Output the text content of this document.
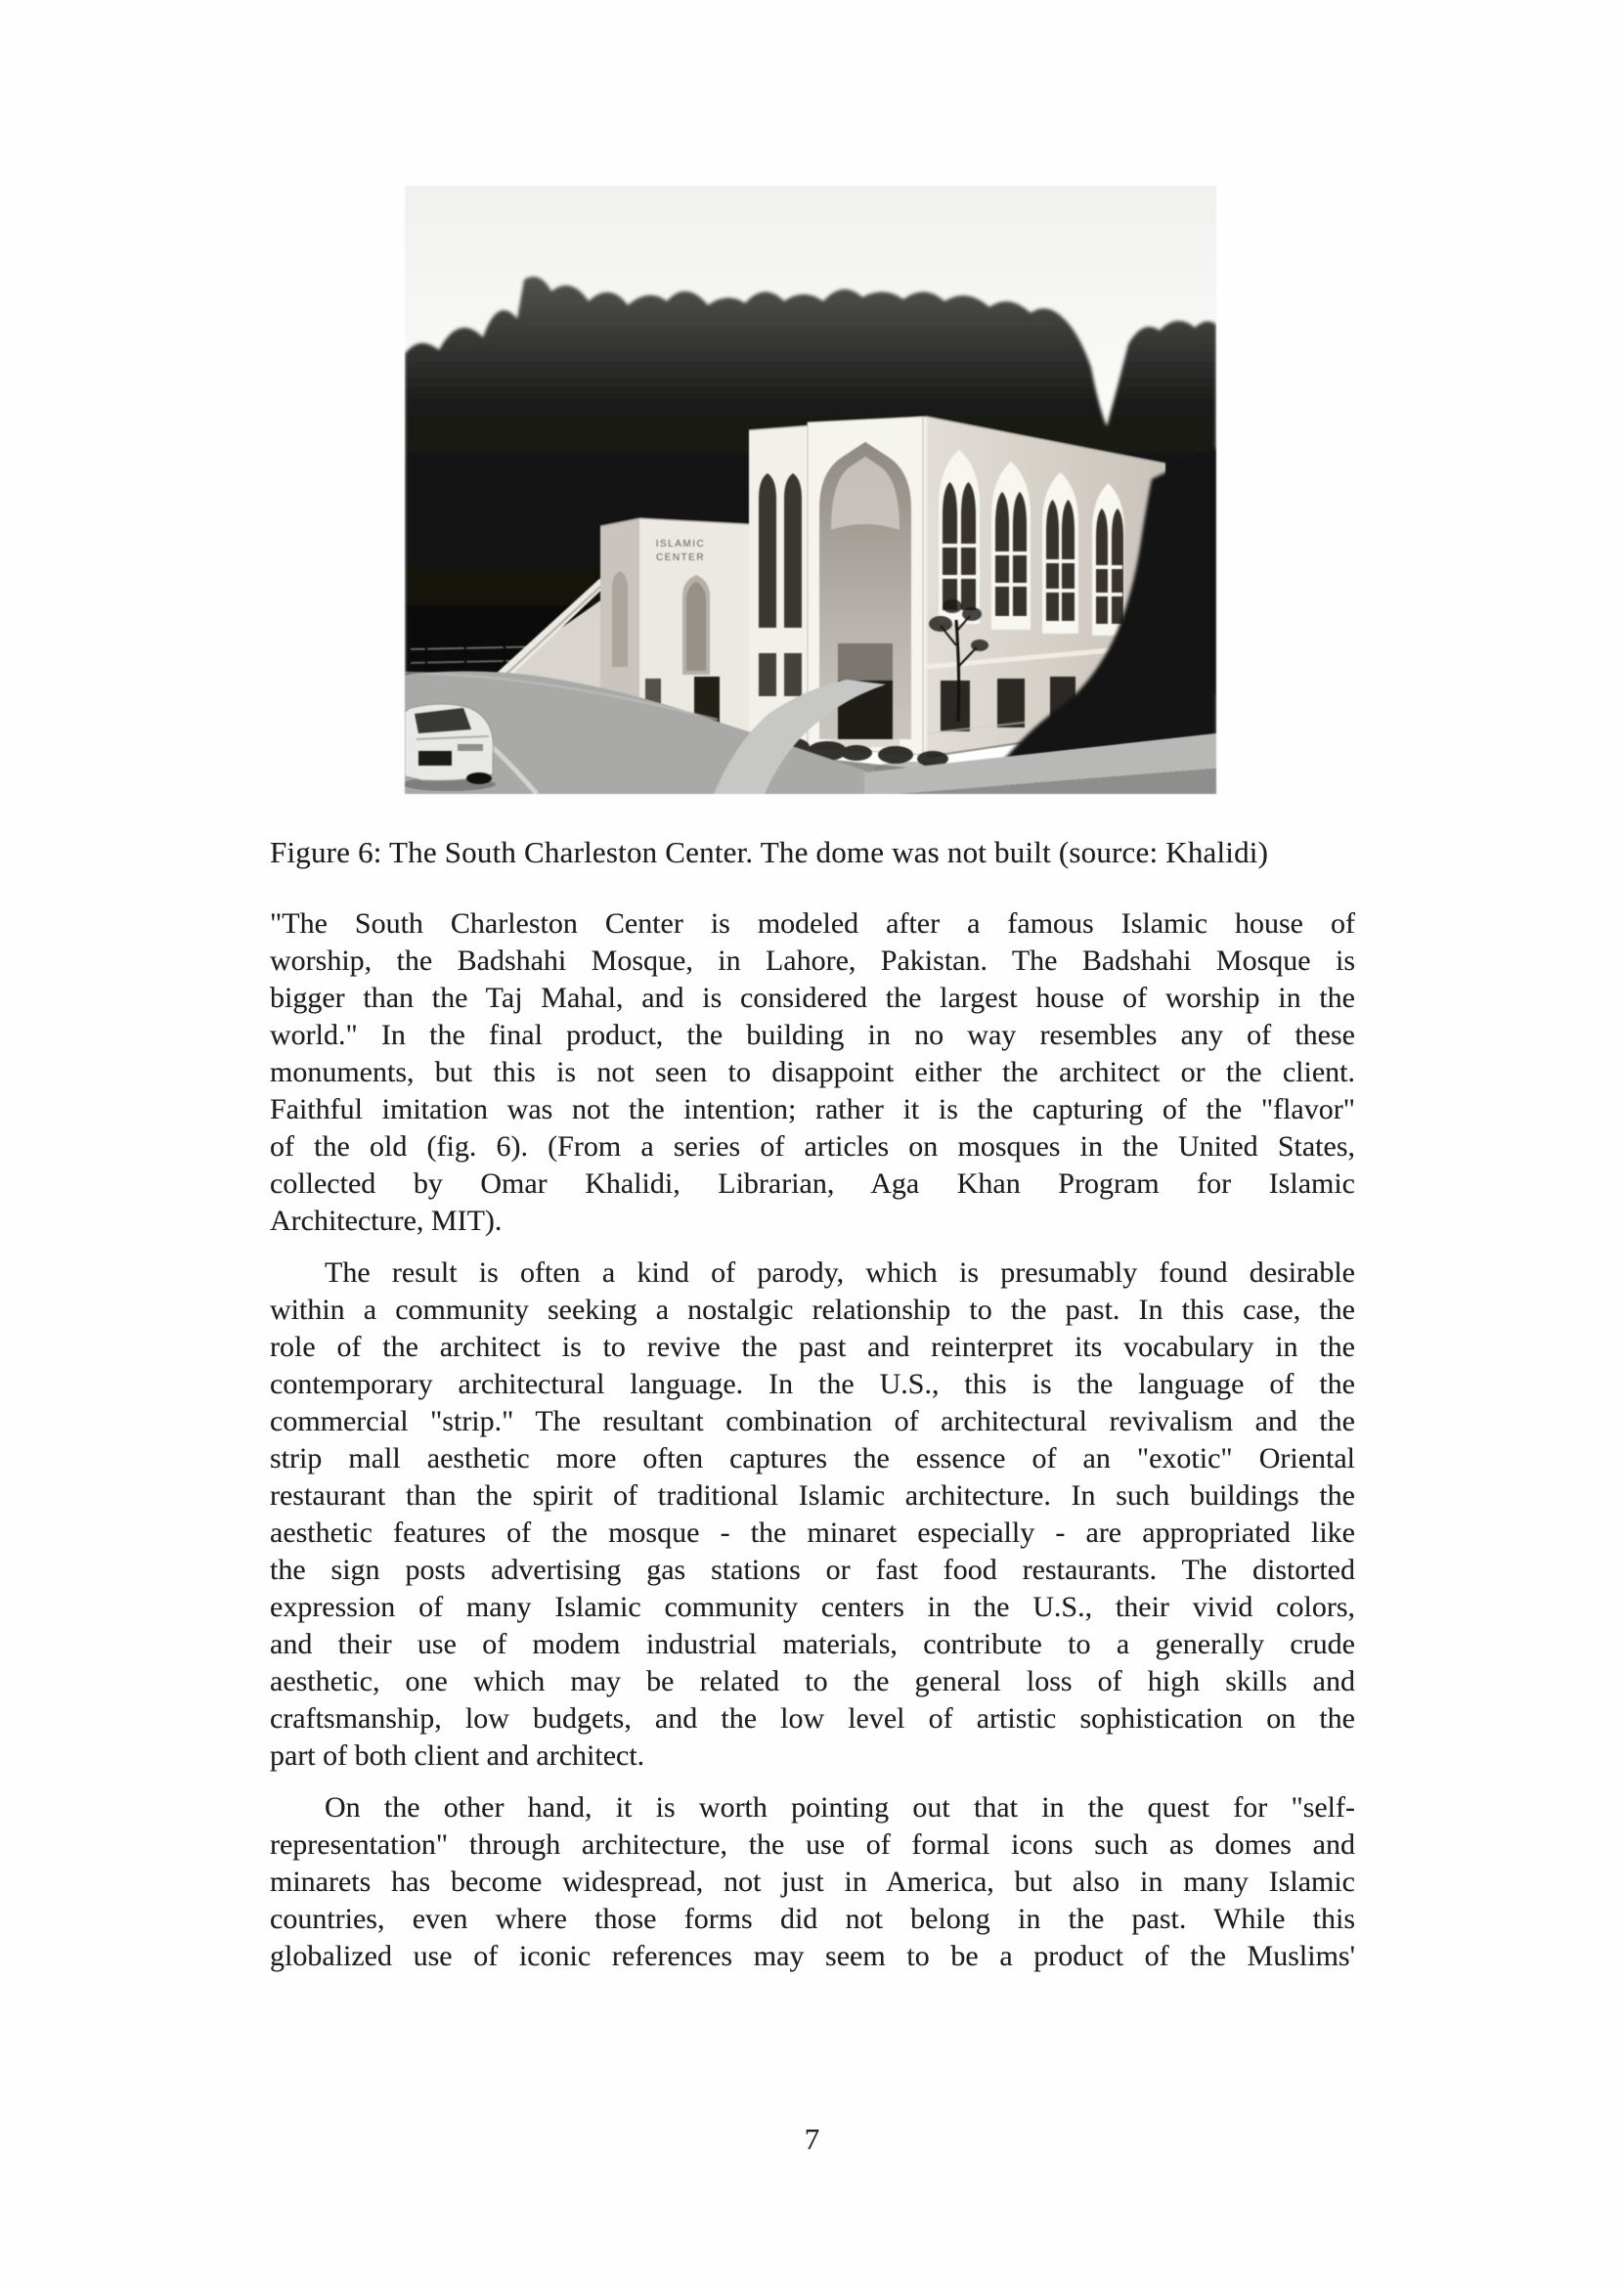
ISLAMIC
CENTER
Figure 6: The South Charleston Center. The dome was not built (source: Khalidi)
"The South Charleston Center is modeled after a famous Islamic house of
worship, the Badshahi Mosque, in Lahore, Pakistan. The Badshahi Mosque is
bigger than the Taj Mahal, and is considered the largest house of worship in the
world." In the final product, the building in no way resembles any of these
monuments, but this is not seen to disappoint either the architect or the client.
Faithful imitation was not the intention; rather it is the capturing of the "flavor"
of the old (fig. 6). (From a series of articles on mosques in the United States,
collected by Omar Khalidi, Librarian, Aga Khan Program for Islamic
Architecture, MIT).
The result is often a kind of parody, which is presumably found desirable
within a community seeking a nostalgic relationship to the past. In this case, the
role of the architect is to revive the past and reinterpret its vocabulary in the
contemporary architectural language. In the U.S., this is the language of the
commercial "strip." The resultant combination of architectural revivalism and the
strip mall aesthetic more often captures the essence of an "exotic" Oriental
restaurant than the spirit of traditional Islamic architecture. In such buildings the
aesthetic features of the mosque - the minaret especially - are appropriated like
the sign posts advertising gas stations or fast food restaurants. The distorted
expression of many Islamic community centers in the U.S., their vivid colors,
and their use of modem industrial materials, contribute to a generally crude
aesthetic, one which may be related to the general loss of high skills and
craftsmanship, low budgets, and the low level of artistic sophistication on the
part of both client and architect.
On the other hand, it is worth pointing out that in the quest for "self-
representation" through architecture, the use of formal icons such as domes and
minarets has become widespread, not just in America, but also in many Islamic
countries, even where those forms did not belong in the past. While this
globalized use of iconic references may seem to be a product of the Muslims'
7
